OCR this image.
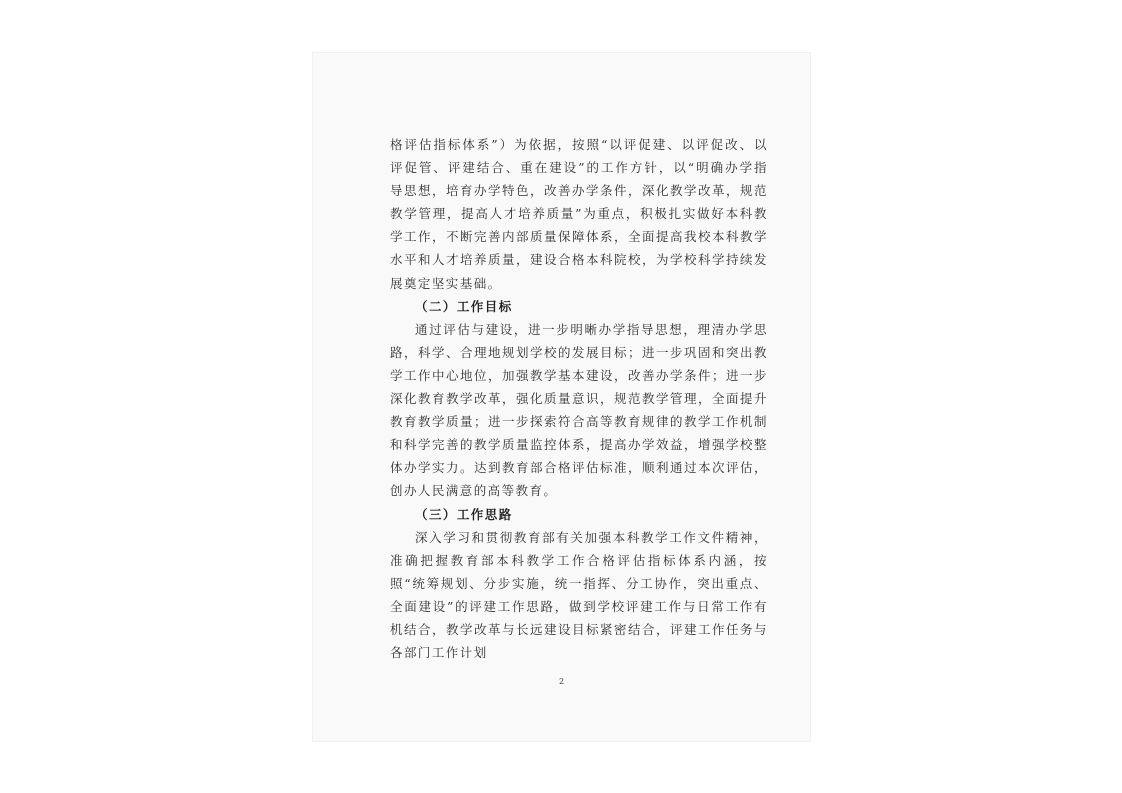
格评估指标体系”）为依据，按照“以评促建、以评促改、以评促管、评建结合、重在建设”的工作方针，以“明确办学指导思想，培育办学特色，改善办学条件，深化教学改革，规范教学管理，提高人才培养质量”为重点，积极扎实做好本科教学工作，不断完善内部质量保障体系，全面提高我校本科教学水平和人才培养质量，建设合格本科院校，为学校科学持续发展奠定坚实基础。

（二）工作目标

通过评估与建设，进一步明晰办学指导思想，理清办学思路，科学、合理地规划学校的发展目标；进一步巩固和突出教学工作中心地位，加强教学基本建设，改善办学条件；进一步深化教育教学改革，强化质量意识，规范教学管理，全面提升教育教学质量；进一步探索符合高等教育规律的教学工作机制和科学完善的教学质量监控体系，提高办学效益，增强学校整体办学实力。达到教育部合格评估标准，顺利通过本次评估，创办人民满意的高等教育。

（三）工作思路

深入学习和贯彻教育部有关加强本科教学工作文件精神，准确把握教育部本科教学工作合格评估指标体系内涵，按照“统筹规划、分步实施，统一指挥、分工协作，突出重点、全面建设”的评建工作思路，做到学校评建工作与日常工作有机结合，教学改革与长远建设目标紧密结合，评建工作任务与各部门工作计划

2
